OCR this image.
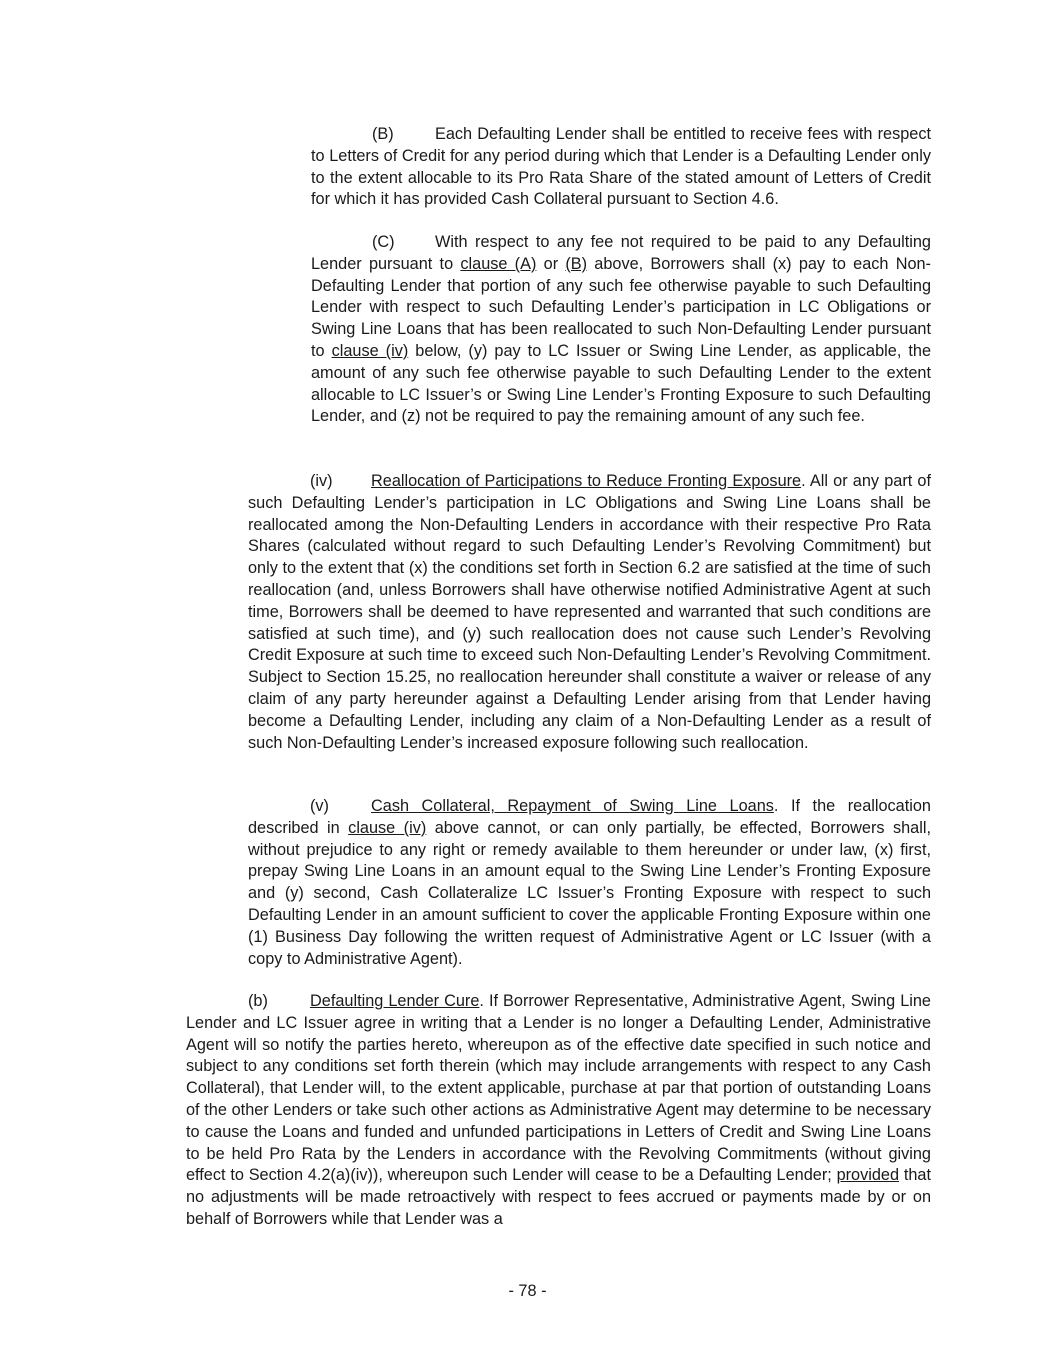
(B)	Each Defaulting Lender shall be entitled to receive fees with respect to Letters of Credit for any period during which that Lender is a Defaulting Lender only to the extent allocable to its Pro Rata Share of the stated amount of Letters of Credit for which it has provided Cash Collateral pursuant to Section 4.6.

(C) With respect to any fee not required to be paid to any Defaulting Lender pursuant to clause (A) or (B) above, Borrowers shall (x) pay to each Non-Defaulting Lender that portion of any such fee otherwise payable to such Defaulting Lender with respect to such Defaulting Lender’s participation in LC Obligations or Swing Line Loans that has been reallocated to such Non-Defaulting Lender pursuant to clause (iv) below, (y) pay to LC Issuer or Swing Line Lender, as applicable, the amount of any such fee otherwise payable to such Defaulting Lender to the extent allocable to LC Issuer’s or Swing Line Lender’s Fronting Exposure to such Defaulting Lender, and (z) not be required to pay the remaining amount of any such fee.

(iv) Reallocation of Participations to Reduce Fronting Exposure. All or any part of such Defaulting Lender’s participation in LC Obligations and Swing Line Loans shall be reallocated among the Non-Defaulting Lenders in accordance with their respective Pro Rata Shares (calculated without regard to such Defaulting Lender’s Revolving Commitment) but only to the extent that (x) the conditions set forth in Section 6.2 are satisfied at the time of such reallocation (and, unless Borrowers shall have otherwise notified Administrative Agent at such time, Borrowers shall be deemed to have represented and warranted that such conditions are satisfied at such time), and (y) such reallocation does not cause such Lender’s Revolving Credit Exposure at such time to exceed such Non-Defaulting Lender’s Revolving Commitment. Subject to Section 15.25, no reallocation hereunder shall constitute a waiver or release of any claim of any party hereunder against a Defaulting Lender arising from that Lender having become a Defaulting Lender, including any claim of a Non-Defaulting Lender as a result of such Non-Defaulting Lender’s increased exposure following such reallocation.

(v)	Cash Collateral, Repayment of Swing Line Loans. If the reallocation described in clause (iv) above cannot, or can only partially, be effected, Borrowers shall, without prejudice to any right or remedy available to them hereunder or under law, (x) first, prepay Swing Line Loans in an amount equal to the Swing Line Lender’s Fronting Exposure and (y) second, Cash Collateralize LC Issuer’s Fronting Exposure with respect to such Defaulting Lender in an amount sufficient to cover the applicable Fronting Exposure within one (1) Business Day following the written request of Administrative Agent or LC Issuer (with a copy to Administrative Agent).

(b)	Defaulting Lender Cure. If Borrower Representative, Administrative Agent, Swing Line Lender and LC Issuer agree in writing that a Lender is no longer a Defaulting Lender, Administrative Agent will so notify the parties hereto, whereupon as of the effective date specified in such notice and subject to any conditions set forth therein (which may include arrangements with respect to any Cash Collateral), that Lender will, to the extent applicable, purchase at par that portion of outstanding Loans of the other Lenders or take such other actions as Administrative Agent may determine to be necessary to cause the Loans and funded and unfunded participations in Letters of Credit and Swing Line Loans to be held Pro Rata by the Lenders in accordance with the Revolving Commitments (without giving effect to Section 4.2(a)(iv)), whereupon such Lender will cease to be a Defaulting Lender; provided that no adjustments will be made retroactively with respect to fees accrued or payments made by or on behalf of Borrowers while that Lender was a

- 78 -
